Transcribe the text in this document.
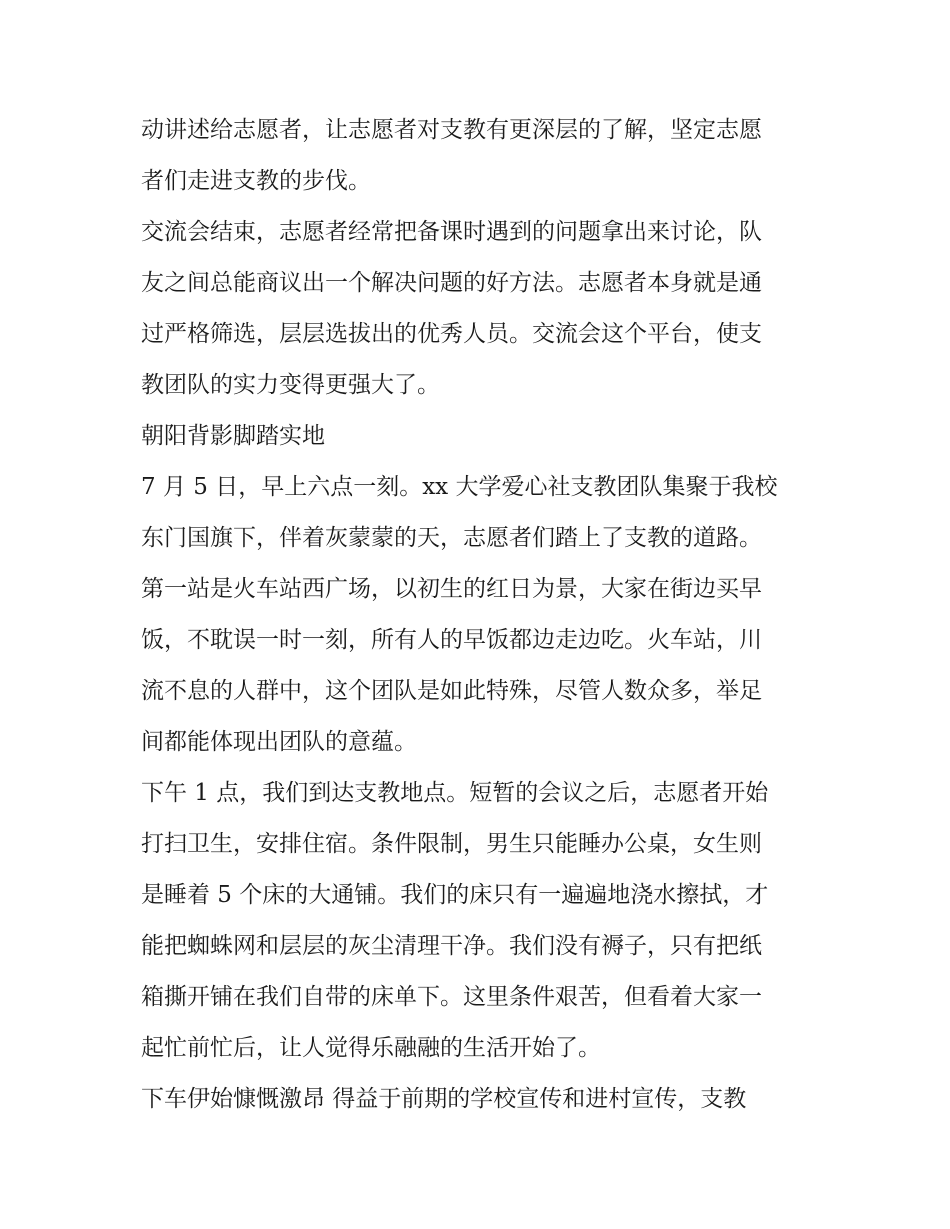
动讲述给志愿者，让志愿者对支教有更深层的了解，坚定志愿
者们走进支教的步伐。
交流会结束，志愿者经常把备课时遇到的问题拿出来讨论，队
友之间总能商议出一个解决问题的好方法。志愿者本身就是通
过严格筛选，层层选拔出的优秀人员。交流会这个平台，使支
教团队的实力变得更强大了。
朝阳背影脚踏实地
7 月 5 日，早上六点一刻。xx 大学爱心社支教团队集聚于我校
东门国旗下，伴着灰蒙蒙的天，志愿者们踏上了支教的道路。
第一站是火车站西广场，以初生的红日为景，大家在街边买早
饭，不耽误一时一刻，所有人的早饭都边走边吃。火车站，川
流不息的人群中，这个团队是如此特殊，尽管人数众多，举足
间都能体现出团队的意蕴。
下午 1 点，我们到达支教地点。短暂的会议之后，志愿者开始
打扫卫生，安排住宿。条件限制，男生只能睡办公桌，女生则
是睡着 5 个床的大通铺。我们的床只有一遍遍地浇水擦拭，才
能把蜘蛛网和层层的灰尘清理干净。我们没有褥子，只有把纸
箱撕开铺在我们自带的床单下。这里条件艰苦，但看着大家一
起忙前忙后，让人觉得乐融融的生活开始了。
下车伊始慷慨激昂 得益于前期的学校宣传和进村宣传，支教
